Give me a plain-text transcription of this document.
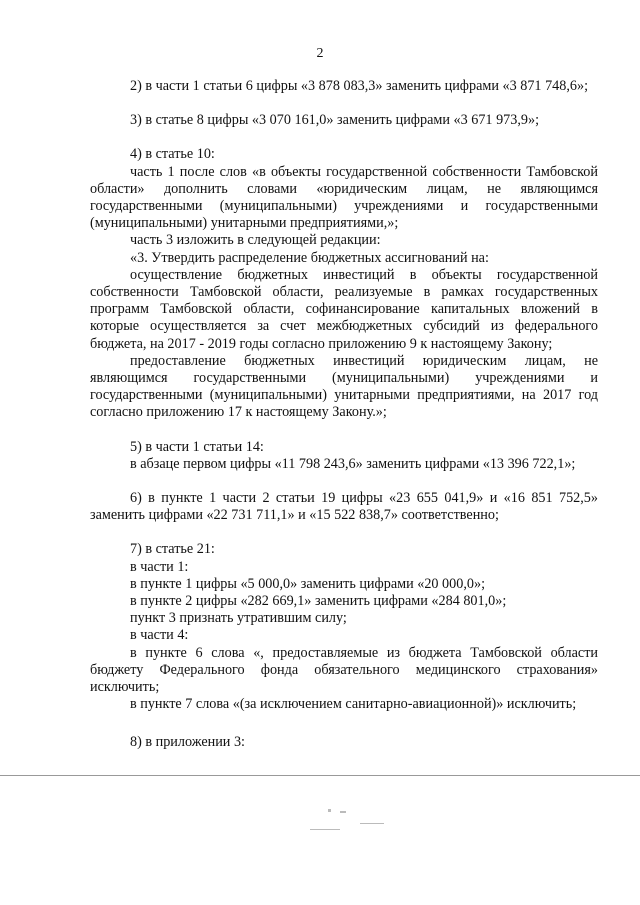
2

2) в части 1 статьи 6 цифры «3 878 083,3» заменить цифрами «3 871 748,6»;

3) в статье 8 цифры «3 070 161,0» заменить цифрами «3 671 973,9»;

4) в статье 10:

часть 1 после слов «в объекты государственной собственности Тамбовской области» дополнить словами «юридическим лицам, не являющимся государственными (муниципальными) учреждениями и государственными (муниципальными) унитарными предприятиями,»;

часть 3 изложить в следующей редакции:

«3. Утвердить распределение бюджетных ассигнований на:

осуществление бюджетных инвестиций в объекты государственной собственности Тамбовской области, реализуемые в рамках государственных программ Тамбовской области, софинансирование капитальных вложений в которые осуществляется за счет межбюджетных субсидий из федерального бюджета, на 2017 - 2019 годы согласно приложению 9 к настоящему Закону;

предоставление бюджетных инвестиций юридическим лицам, не являющимся государственными (муниципальными) учреждениями и государственными (муниципальными) унитарными предприятиями, на 2017 год согласно приложению 17 к настоящему Закону.»;

5) в части 1 статьи 14:

в абзаце первом цифры «11 798 243,6» заменить цифрами «13 396 722,1»;

6) в пункте 1 части 2 статьи 19 цифры «23 655 041,9» и «16 851 752,5» заменить цифрами «22 731 711,1» и «15 522 838,7» соответственно;

7) в статье 21:

в части 1:

в пункте 1 цифры «5 000,0» заменить цифрами «20 000,0»;

в пункте 2 цифры «282 669,1» заменить цифрами «284 801,0»;

пункт 3 признать утратившим силу;

в части 4:

в пункте 6 слова «, предоставляемые из бюджета Тамбовской области бюджету Федерального фонда обязательного медицинского страхования» исключить;

в пункте 7 слова «(за исключением санитарно-авиационной)» исключить;

8) в приложении 3:
